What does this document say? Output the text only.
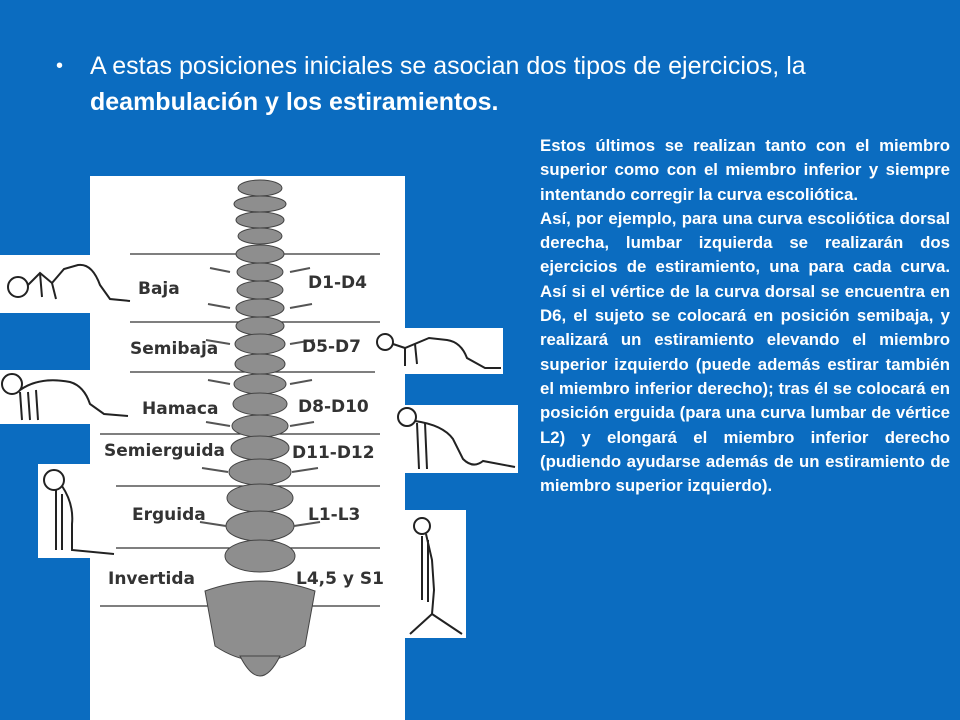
• A estas posiciones iniciales se asocian dos tipos de ejercicios, la deambulación y los estiramientos.

Estos últimos se realizan tanto con el miembro superior como con el miembro inferior y siempre intentando corregir la curva escoliótica.

Así, por ejemplo, para una curva escoliótica dorsal derecha, lumbar izquierda se realizarán dos ejercicios de estiramiento, una para cada curva. Así si el vértice de la curva dorsal se encuentra en D6, el sujeto se colocará en posición semibaja, y realizará un estiramiento elevando el miembro superior izquierdo (puede además estirar también el miembro inferior derecho); tras él se colocará en posición erguida (para una curva lumbar de vértice L2) y elongará el miembro inferior derecho (pudiendo ayudarse además de un estiramiento de miembro superior izquierdo).

Baja	D1-D4
Semibaja	D5-D7
Hamaca	D8-D10
Semierguida	D11-D12
Erguida	L1-L3
Invertida	L4,5 y S1
